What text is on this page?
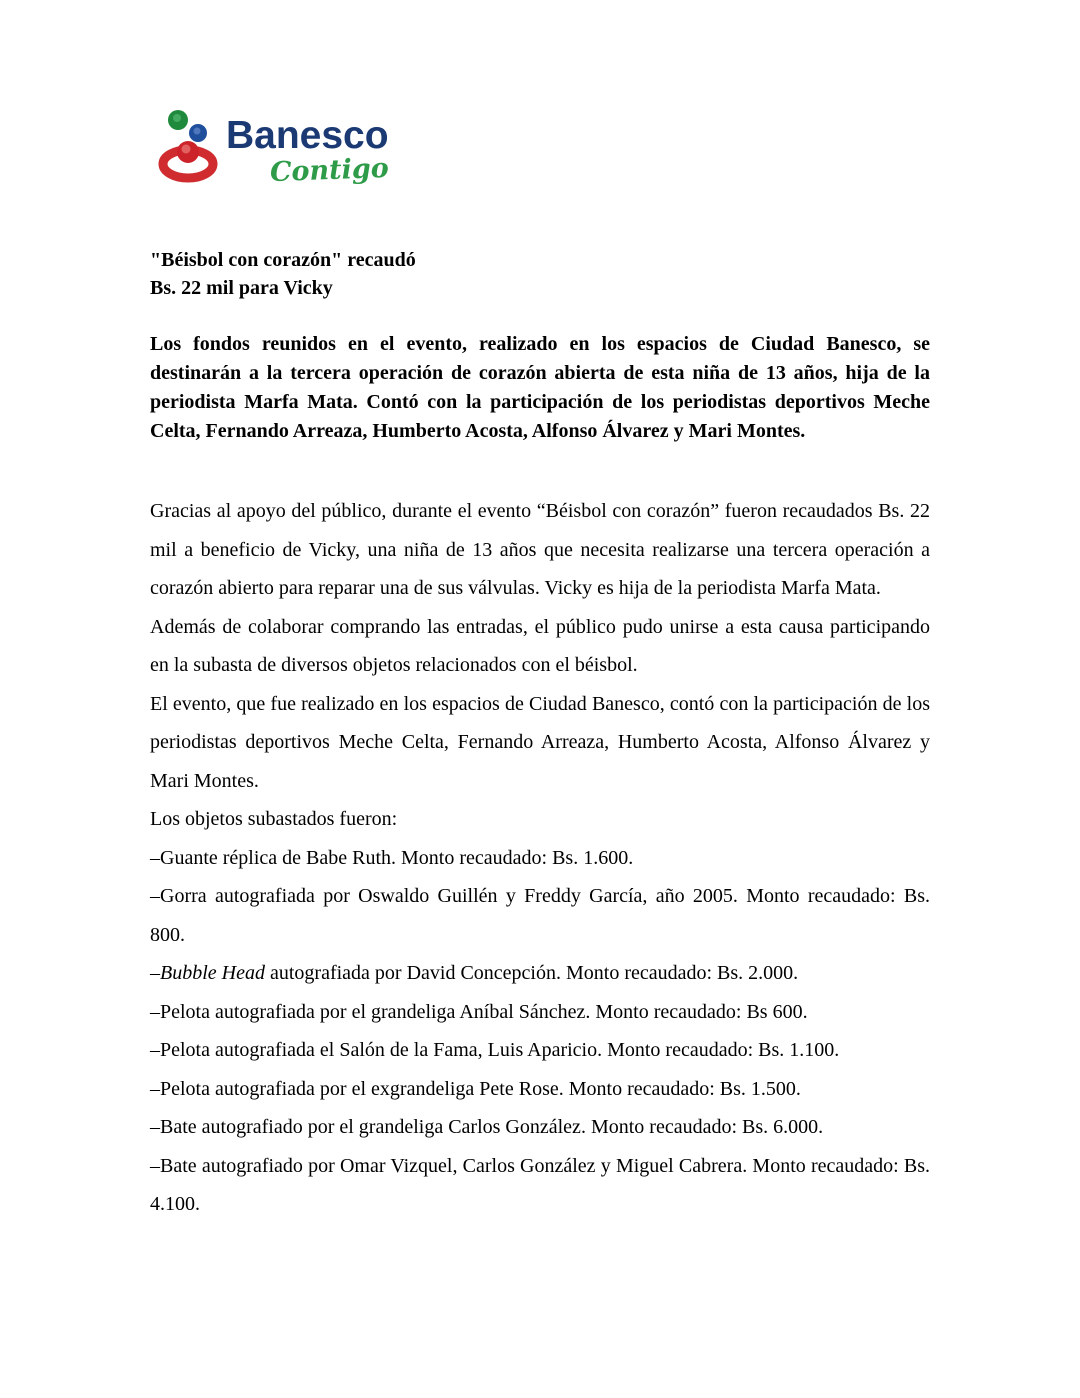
Banesco
Contigo
"Béisbol con corazón" recaudó
Bs. 22 mil para Vicky
Los fondos reunidos en el evento, realizado en los espacios de Ciudad Banesco, se destinarán a la tercera operación de corazón abierta de esta niña de 13 años, hija de la periodista Marfa Mata. Contó con la participación de los periodistas deportivos Meche Celta, Fernando Arreaza, Humberto Acosta, Alfonso Álvarez y Mari Montes.

Gracias al apoyo del público, durante el evento “Béisbol con corazón” fueron recaudados Bs. 22 mil a beneficio de Vicky, una niña de 13 años que necesita realizarse una tercera operación a corazón abierto para reparar una de sus válvulas. Vicky es hija de la periodista Marfa Mata.

Además de colaborar comprando las entradas, el público pudo unirse a esta causa participando en la subasta de diversos objetos relacionados con el béisbol.

El evento, que fue realizado en los espacios de Ciudad Banesco, contó con la participación de los periodistas deportivos Meche Celta, Fernando Arreaza, Humberto Acosta, Alfonso Álvarez y Mari Montes.

Los objetos subastados fueron:

–Guante réplica de Babe Ruth. Monto recaudado: Bs. 1.600.
–Gorra autografiada por Oswaldo Guillén y Freddy García, año 2005. Monto recaudado: Bs. 800.
–Bubble Head autografiada por David Concepción. Monto recaudado: Bs. 2.000.
–Pelota autografiada por el grandeliga Aníbal Sánchez. Monto recaudado: Bs 600.
–Pelota autografiada el Salón de la Fama, Luis Aparicio. Monto recaudado: Bs. 1.100.
–Pelota autografiada por el exgrandeliga Pete Rose. Monto recaudado: Bs. 1.500.
–Bate autografiado por el grandeliga Carlos González. Monto recaudado: Bs. 6.000.
–Bate autografiado por Omar Vizquel, Carlos González y Miguel Cabrera. Monto recaudado: Bs. 4.100.
